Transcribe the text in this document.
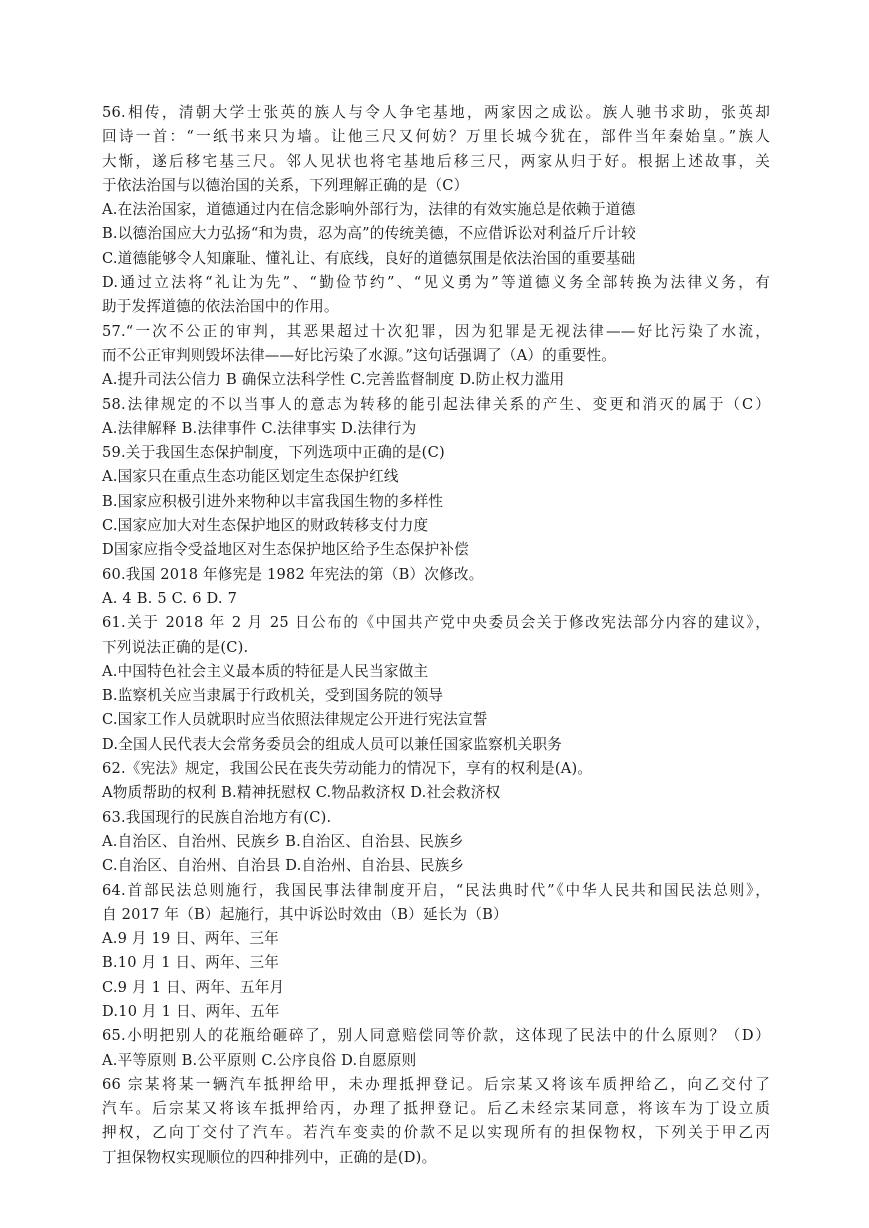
56.相传，清朝大学士张英的族人与令人争宅基地，两家因之成讼。族人驰书求助，张英却
回诗一首：“一纸书来只为墙。让他三尺又何妨？万里长城今犹在，部件当年秦始皇。”族人
大惭，遂后移宅基三尺。邻人见状也将宅基地后移三尺，两家从归于好。根据上述故事，关
于依法治国与以德治国的关系，下列理解正确的是（C）
A.在法治国家，道德通过内在信念影响外部行为，法律的有效实施总是依赖于道德
B.以德治国应大力弘扬“和为贵，忍为高”的传统美德，不应借诉讼对利益斤斤计较
C.道德能够令人知廉耻、懂礼让、有底线，良好的道德氛围是依法治国的重要基础
D.通过立法将“礼让为先”、“勤俭节约”、“见义勇为”等道德义务全部转换为法律义务，有
助于发挥道德的依法治国中的作用。
57.“一次不公正的审判，其恶果超过十次犯罪，因为犯罪是无视法律——好比污染了水流，
而不公正审判则毁坏法律——好比污染了水源。”这句话强调了（A）的重要性。
A.提升司法公信力 B 确保立法科学性 C.完善监督制度 D.防止权力滥用
58.法律规定的不以当事人的意志为转移的能引起法律关系的产生、变更和消灭的属于（C）
A.法律解释 B.法律事件 C.法律事实 D.法律行为
59.关于我国生态保护制度，下列选项中正确的是(C)
A.国家只在重点生态功能区划定生态保护红线
B.国家应积极引进外来物种以丰富我国生物的多样性
C.国家应加大对生态保护地区的财政转移支付力度
D国家应指令受益地区对生态保护地区给予生态保护补偿
60.我国 2018 年修宪是 1982 年宪法的第（B）次修改。
A. 4 B. 5 C. 6 D. 7
61.关于 2018 年 2 月 25 日公布的《中国共产党中央委员会关于修改宪法部分内容的建议》，
下列说法正确的是(C).
A.中国特色社会主义最本质的特征是人民当家做主
B.监察机关应当隶属于行政机关，受到国务院的领导
C.国家工作人员就职时应当依照法律规定公开进行宪法宣誓
D.全国人民代表大会常务委员会的组成人员可以兼任国家监察机关职务
62.《宪法》规定，我国公民在丧失劳动能力的情况下，享有的权利是(A)。
A物质帮助的权利 B.精神抚慰权 C.物品救济权 D.社会救济权
63.我国现行的民族自治地方有(C).
A.自治区、自治州、民族乡 B.自治区、自治县、民族乡
C.自治区、自治州、自治县 D.自治州、自治县、民族乡
64.首部民法总则施行，我国民事法律制度开启，“民法典时代”《中华人民共和国民法总则》，
自 2017 年（B）起施行，其中诉讼时效由（B）延长为（B）
A.9 月 19 日、两年、三年
B.10 月 1 日、两年、三年
C.9 月 1 日、两年、五年月
D.10 月 1 日、两年、五年
65.小明把别人的花瓶给砸碎了，别人同意赔偿同等价款，这体现了民法中的什么原则？（D）
A.平等原则 B.公平原则 C.公序良俗 D.自愿原则
66 宗某将某一辆汽车抵押给甲，未办理抵押登记。后宗某又将该车质押给乙，向乙交付了
汽车。后宗某又将该车抵押给丙，办理了抵押登记。后乙未经宗某同意，将该车为丁设立质
押权，乙向丁交付了汽车。若汽车变卖的价款不足以实现所有的担保物权，下列关于甲乙丙
丁担保物权实现顺位的四种排列中，正确的是(D)。
